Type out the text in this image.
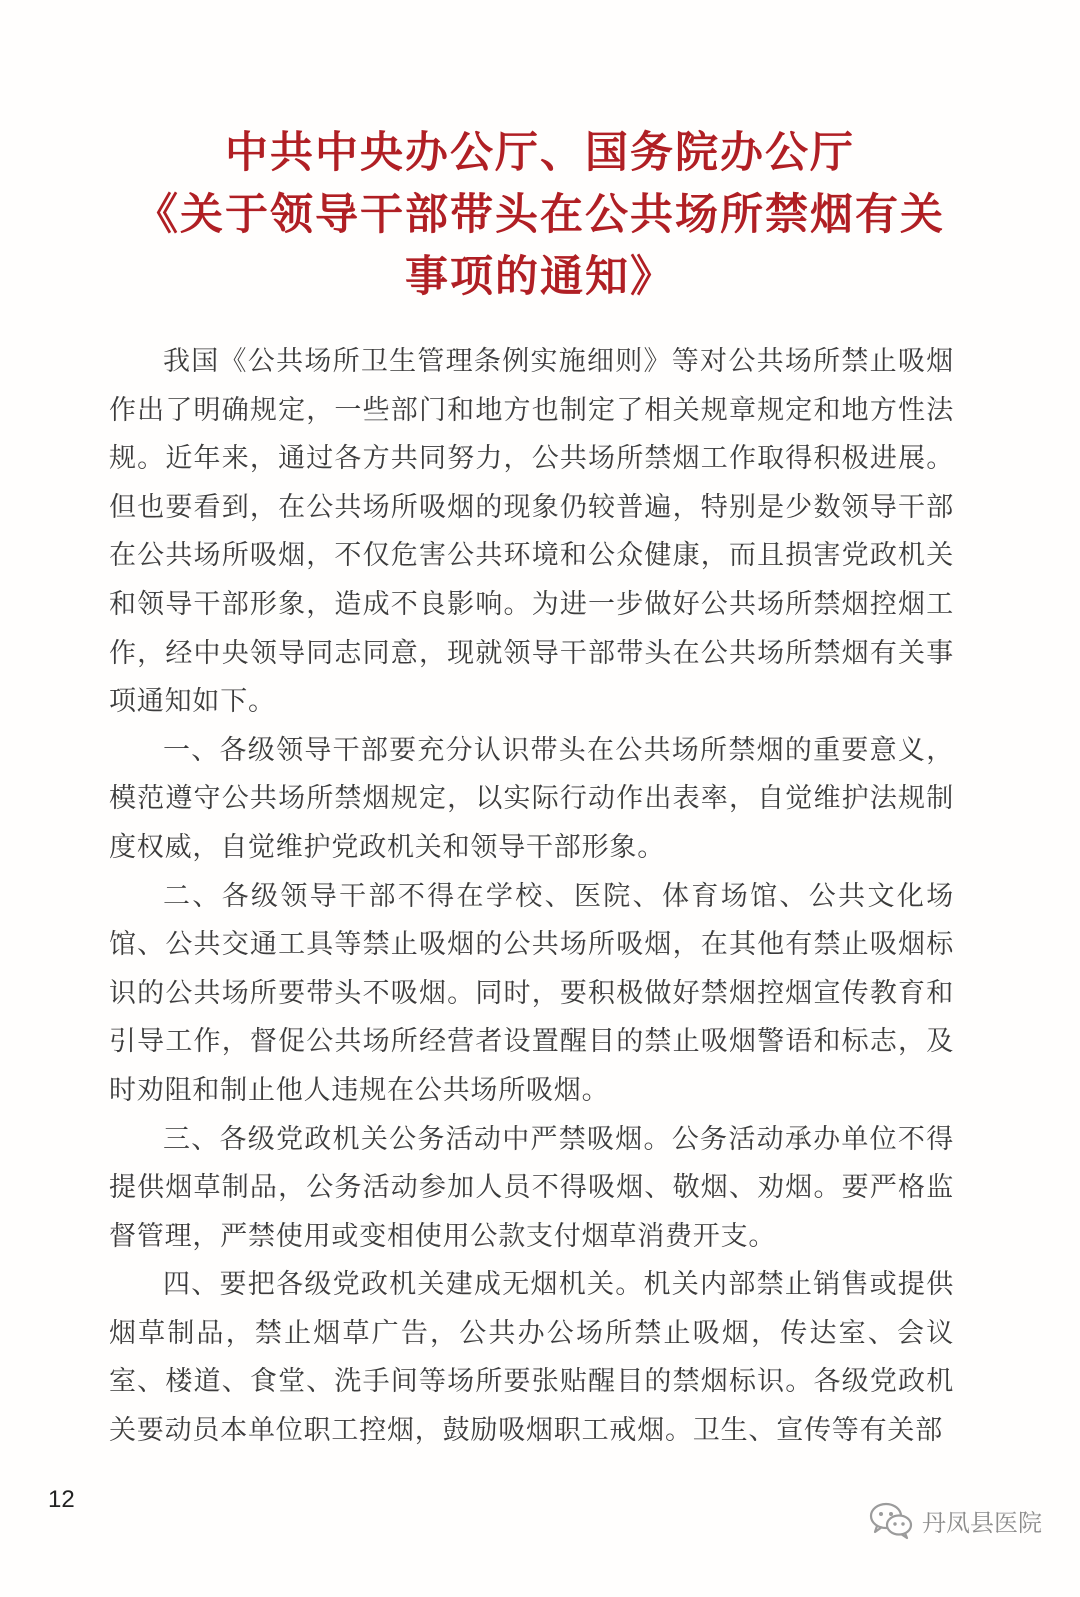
中共中央办公厅、国务院办公厅
《关于领导干部带头在公共场所禁烟有关
事项的通知》

我国《公共场所卫生管理条例实施细则》等对公共场所禁止吸烟作出了明确规定，一些部门和地方也制定了相关规章规定和地方性法规。近年来，通过各方共同努力，公共场所禁烟工作取得积极进展。但也要看到，在公共场所吸烟的现象仍较普遍，特别是少数领导干部在公共场所吸烟，不仅危害公共环境和公众健康，而且损害党政机关和领导干部形象，造成不良影响。为进一步做好公共场所禁烟控烟工作，经中央领导同志同意，现就领导干部带头在公共场所禁烟有关事项通知如下。

一、各级领导干部要充分认识带头在公共场所禁烟的重要意义，模范遵守公共场所禁烟规定，以实际行动作出表率，自觉维护法规制度权威，自觉维护党政机关和领导干部形象。

二、各级领导干部不得在学校、医院、体育场馆、公共文化场馆、公共交通工具等禁止吸烟的公共场所吸烟，在其他有禁止吸烟标识的公共场所要带头不吸烟。同时，要积极做好禁烟控烟宣传教育和引导工作，督促公共场所经营者设置醒目的禁止吸烟警语和标志，及时劝阻和制止他人违规在公共场所吸烟。

三、各级党政机关公务活动中严禁吸烟。公务活动承办单位不得提供烟草制品，公务活动参加人员不得吸烟、敬烟、劝烟。要严格监督管理，严禁使用或变相使用公款支付烟草消费开支。

四、要把各级党政机关建成无烟机关。机关内部禁止销售或提供烟草制品，禁止烟草广告，公共办公场所禁止吸烟，传达室、会议室、楼道、食堂、洗手间等场所要张贴醒目的禁烟标识。各级党政机关要动员本单位职工控烟，鼓励吸烟职工戒烟。卫生、宣传等有关部

12
丹凤县医院
